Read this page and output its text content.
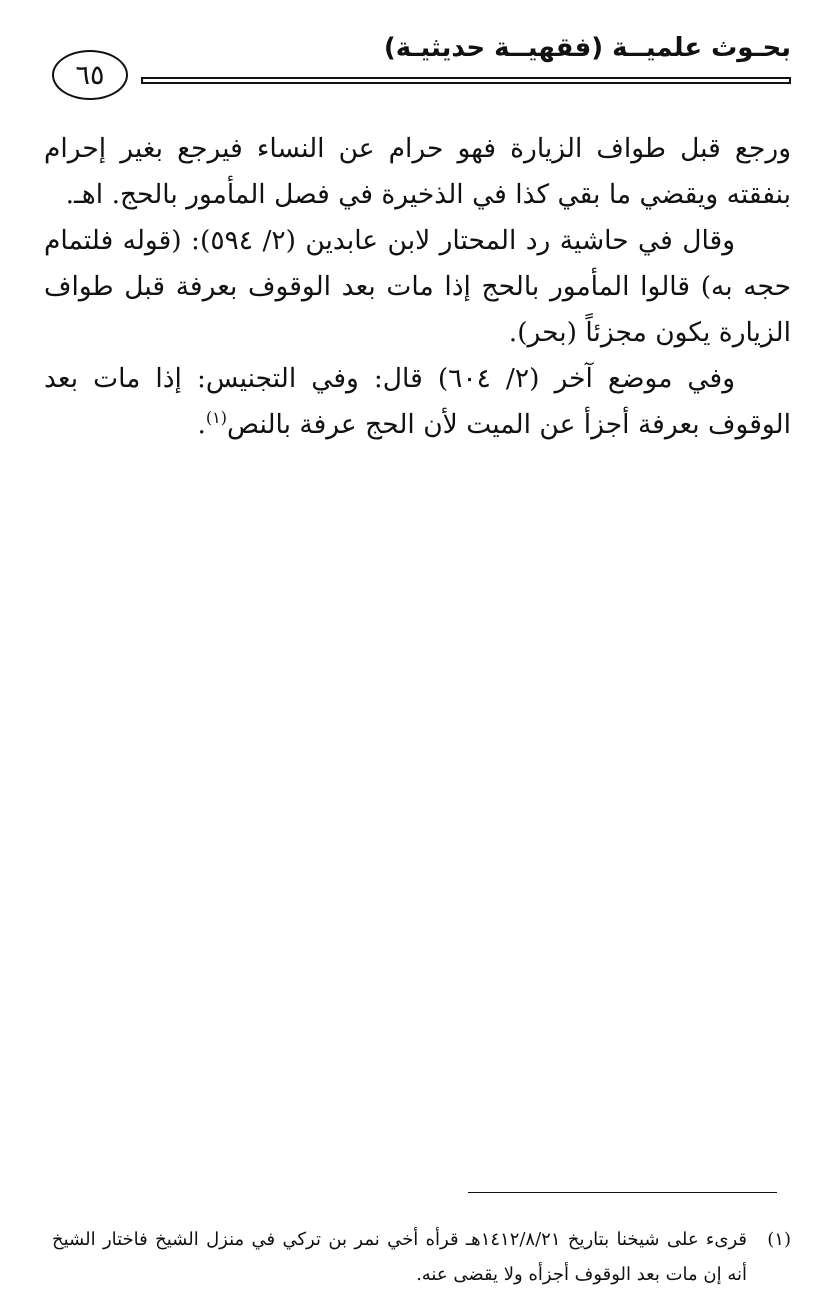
٦٥
بحـوث علميــة (فقهيــة حديثيـة)

ورجع قبل طواف الزيارة فهو حرام عن النساء فيرجع بغير إحرام بنفقته ويقضي ما بقي كذا في الذخيرة في فصل المأمور بالحج. اهـ.

وقال في حاشية رد المحتار لابن عابدين (٢/ ٥٩٤): (قوله فلتمام حجه به) قالوا المأمور بالحج إذا مات بعد الوقوف بعرفة قبل طواف الزيارة يكون مجزئاً (بحر).

وفي موضع آخر (٢/ ٦٠٤) قال: وفي التجنيس: إذا مات بعد الوقوف بعرفة أجزأ عن الميت لأن الحج عرفة بالنص$^{(١)}$.

(١)
قرىء على شيخنا بتاريخ ١٤١٢/٨/٢١هـ قرأه أخي نمر بن تركي في منزل الشيخ فاختار الشيخ أنه إن مات بعد الوقوف أجزأه ولا يقضى عنه.
